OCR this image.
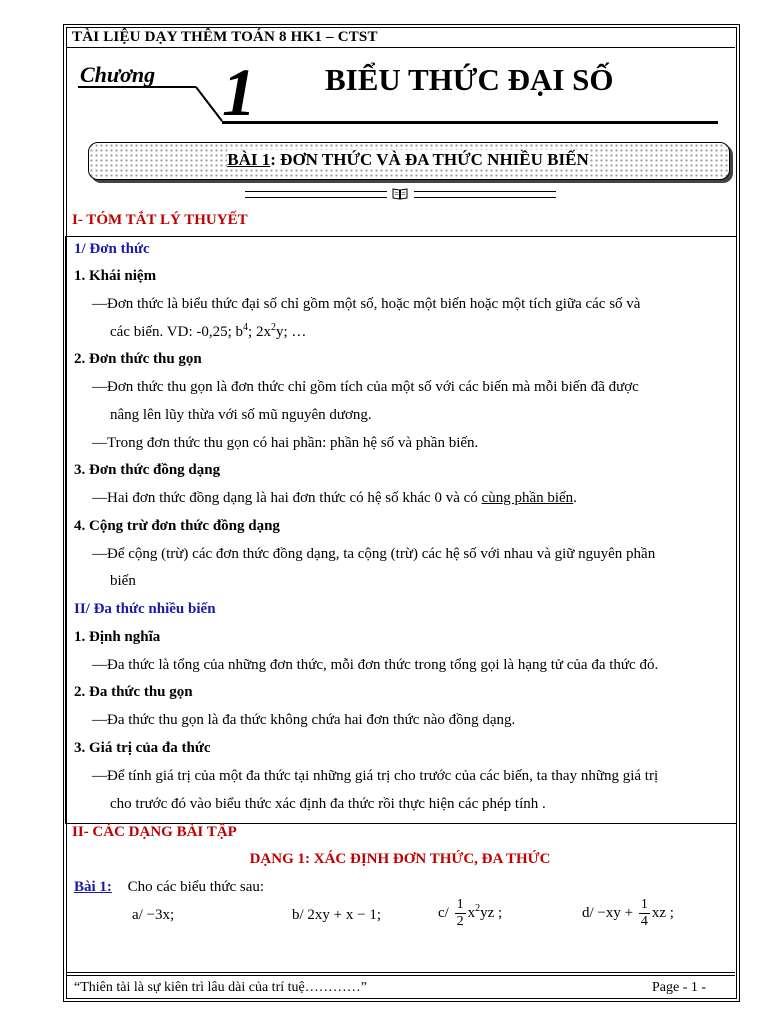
TÀI LIỆU DẠY THÊM TOÁN 8 HK1 – CTST
Chương 1 BIỂU THỨC ĐẠI SỐ
BÀI 1: ĐƠN THỨC VÀ ĐA THỨC NHIỀU BIẾN
I- TÓM TẮT LÝ THUYẾT
1/ Đơn thức
1. Khái niệm
―Đơn thức là biểu thức đại số chỉ gồm một số, hoặc một biến hoặc một tích giữa các số và
các biến. VD: -0,25; $b^4$; $2x^2y$; …
2. Đơn thức thu gọn
―Đơn thức thu gọn là đơn thức chỉ gồm tích của một số với các biến mà mỗi biến đã được
nâng lên lũy thừa với số mũ nguyên dương.
―Trong đơn thức thu gọn có hai phần: phần hệ số và phần biến.
3. Đơn thức đồng dạng
―Hai đơn thức đồng dạng là hai đơn thức có hệ số khác 0 và có cùng phần biến.
4. Cộng trừ đơn thức đồng dạng
―Để cộng (trừ) các đơn thức đồng dạng, ta cộng (trừ) các hệ số với nhau và giữ nguyên phần
biến
II/ Đa thức nhiều biến
1. Định nghĩa
―Đa thức là tổng của những đơn thức, mỗi đơn thức trong tổng gọi là hạng tử của đa thức đó.
2. Đa thức thu gọn
―Đa thức thu gọn là đa thức không chứa hai đơn thức nào đồng dạng.
3. Giá trị của đa thức
―Để tính giá trị của một đa thức tại những giá trị cho trước của các biến, ta thay những giá trị
cho trước đó vào biểu thức xác định đa thức rồi thực hiện các phép tính .
II- CÁC DẠNG BÀI TẬP
DẠNG 1: XÁC ĐỊNH ĐƠN THỨC, ĐA THỨC
Bài 1: Cho các biểu thức sau:
a/ −3x;	b/ 2xy + x − 1;	$c/ \frac{1}{2} x^2yz$ ;	$d/ -xy + \frac{1}{4}$ xz ;
“Thiên tài là sự kiên trì lâu dài của trí tuệ…………”	Page - 1 -
